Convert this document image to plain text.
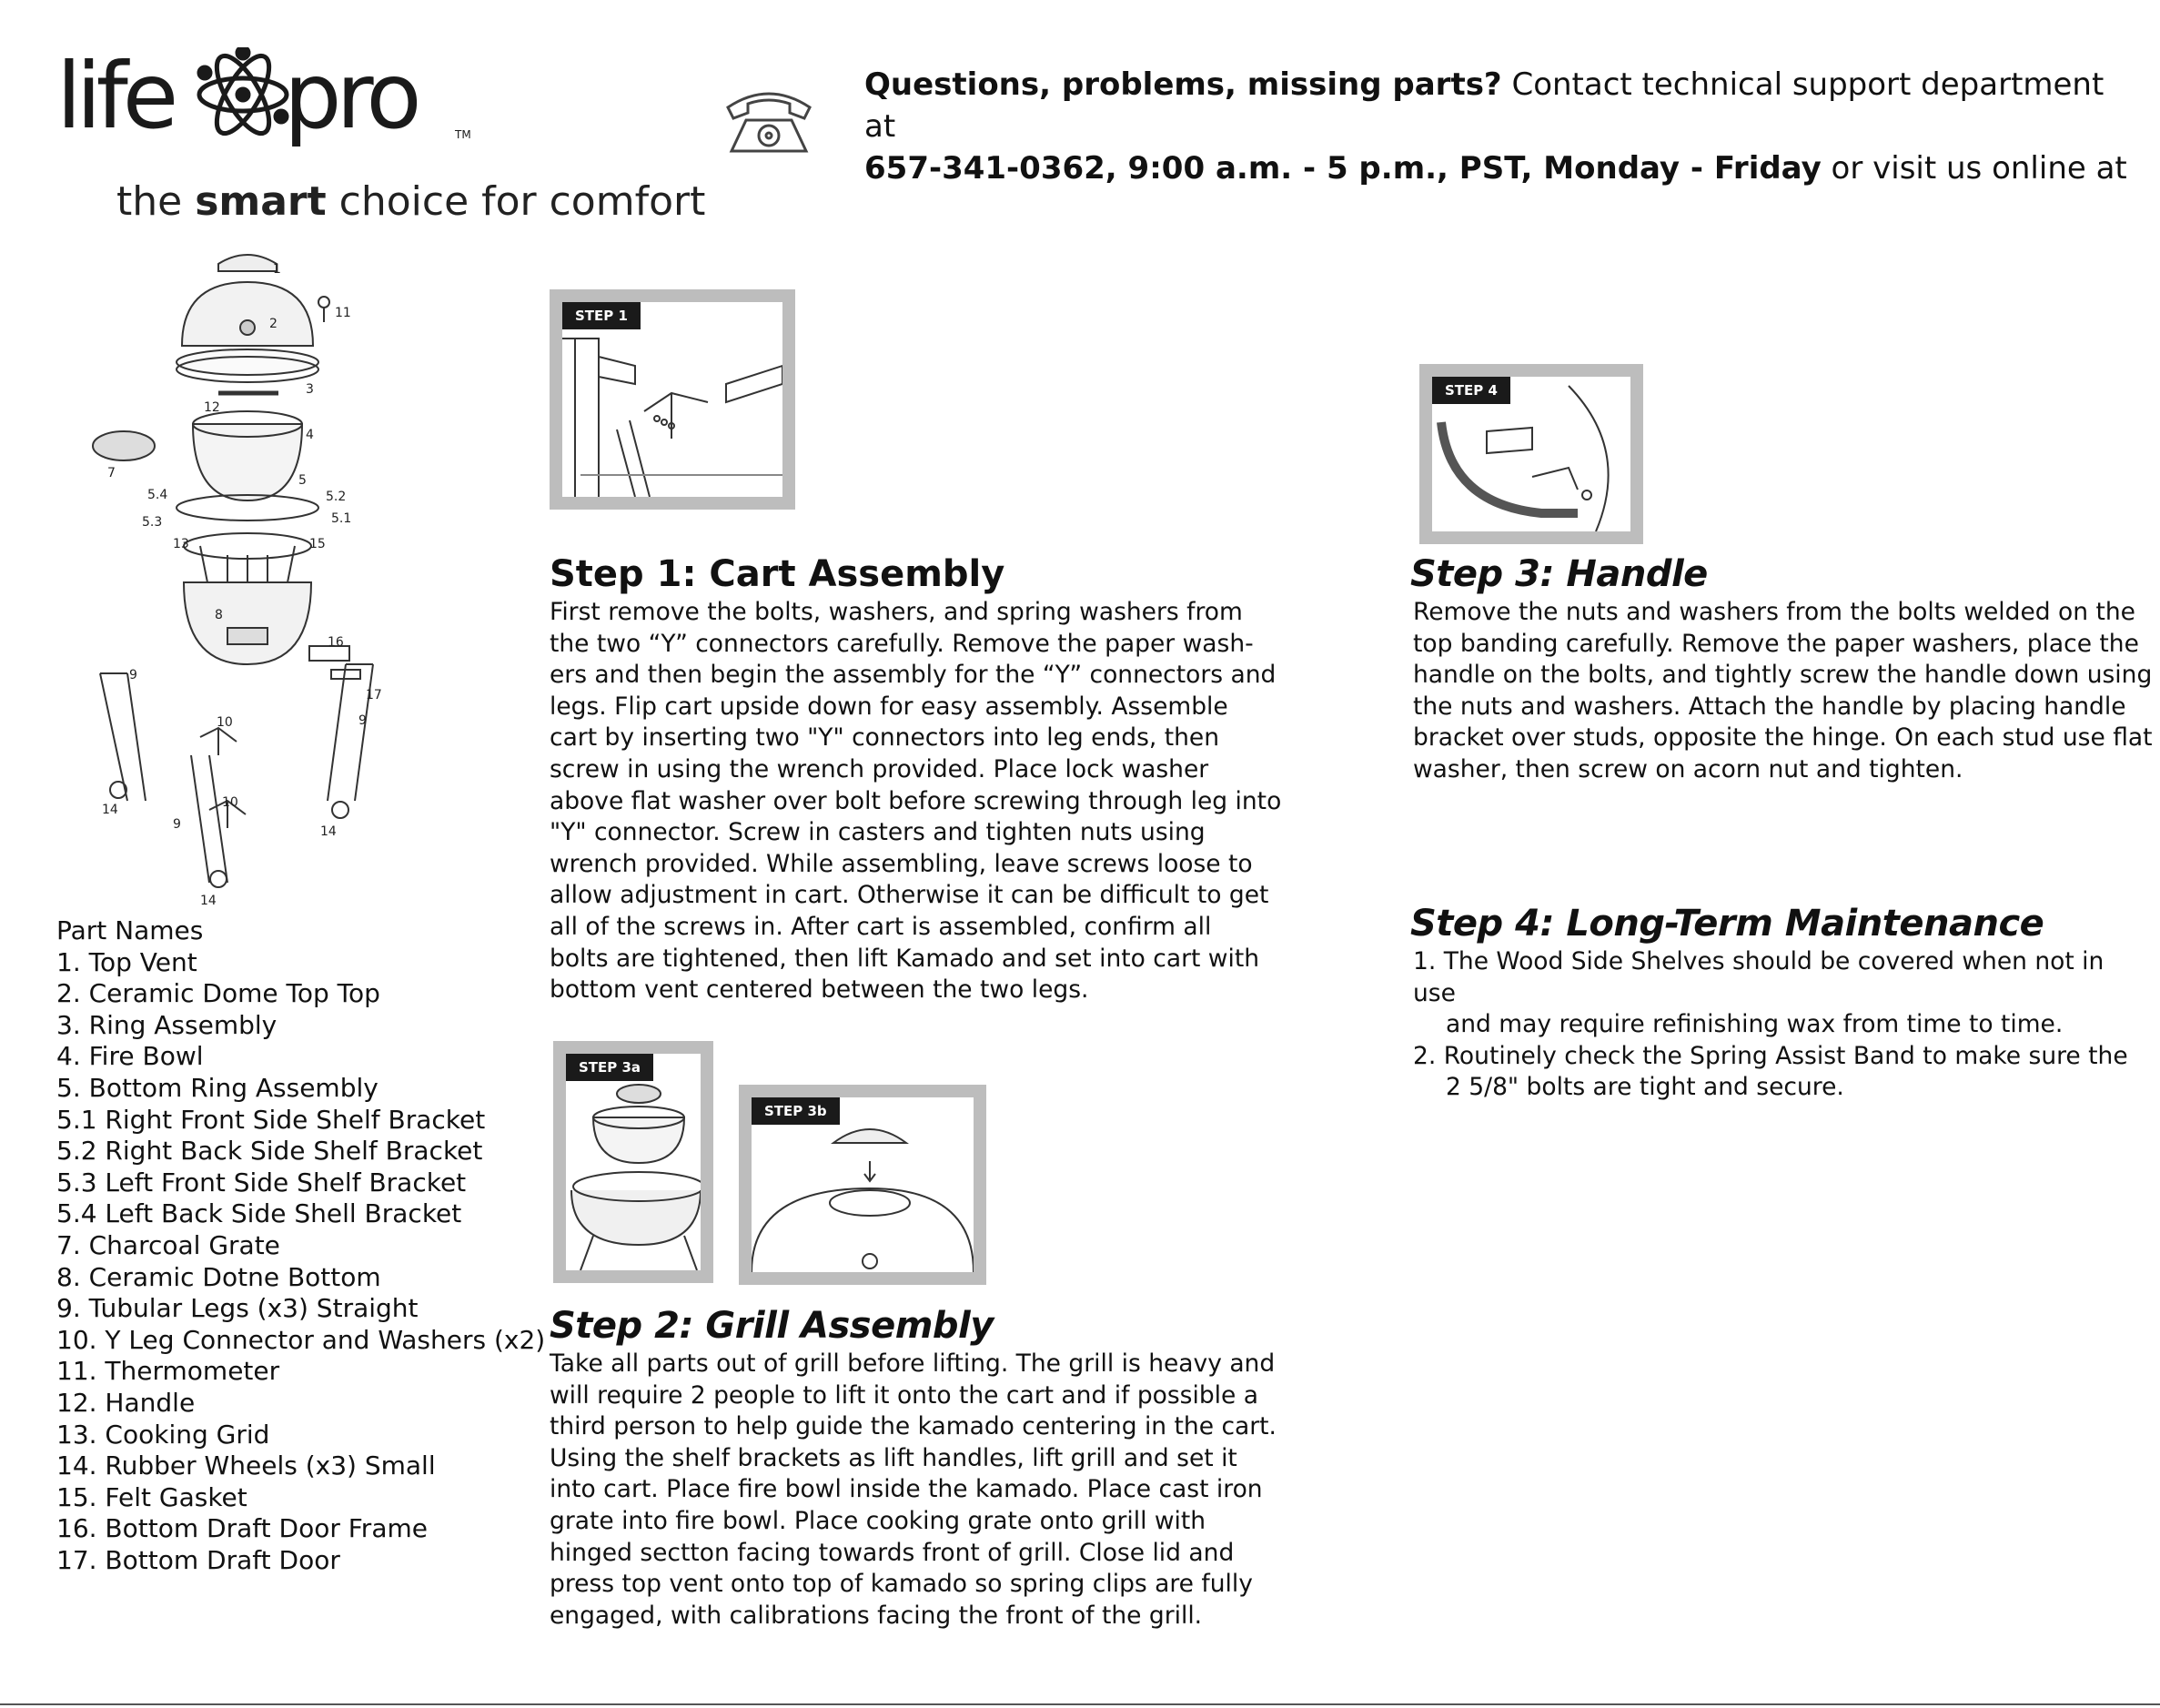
life pro	TM
the smart choice for comfort
Questions, problems, missing parts? Contact technical support department at
657-341-0362, 9:00 a.m. - 5 p.m., PST, Monday - Friday or visit us online at
1
2
3
4
5
5.1
5.2
5.3
5.4
7
8
9
9
9
10
10
11
12
13
14
14
14
15
16
17
Part Names
1. Top Vent
2. Ceramic Dome Top Top
3. Ring Assembly
4. Fire Bowl
5. Bottom Ring Assembly
5.1 Right Front Side Shelf Bracket
5.2 Right Back Side Shelf Bracket
5.3 Left Front Side Shelf Bracket
5.4 Left Back Side Shell Bracket
7. Charcoal Grate
8. Ceramic Dotne Bottom
9. Tubular Legs (x3) Straight
10. Y Leg Connector and Washers (x2)
11. Thermometer
12. Handle
13. Cooking Grid
14. Rubber Wheels (x3) Small
15. Felt Gasket
16. Bottom Draft Door Frame
17. Bottom Draft Door
STEP 1
STEP 3a
STEP 3b
STEP 4
Step 1: Cart Assembly

First remove the bolts, washers, and spring washers from
the two “Y” connectors carefully. Remove the paper wash-
ers and then begin the assembly for the “Y” connectors and
legs. Flip cart upside down for easy assembly. Assemble
cart by inserting two "Y" connectors into leg ends, then
screw in using the wrench provided. Place lock washer
above flat washer over bolt before screwing through leg into
"Y" connector. Screw in casters and tighten nuts using
wrench provided. While assembling, leave screws loose to
allow adjustment in cart. Otherwise it can be difficult to get
all of the screws in. After cart is assembled, confirm all
bolts are tightened, then lift Kamado and set into cart with
bottom vent centered between the two legs.

Step 2: Grill Assembly

Take all parts out of grill before lifting. The grill is heavy and
will require 2 people to lift it onto the cart and if possible a
third person to help guide the kamado centering in the cart.
Using the shelf brackets as lift handles, lift grill and set it
into cart. Place fire bowl inside the kamado. Place cast iron
grate into fire bowl. Place cooking grate onto grill with
hinged sectton facing towards front of grill. Close lid and
press top vent onto top of kamado so spring clips are fully
engaged, with calibrations facing the front of the grill.

Step 3: Handle

Remove the nuts and washers from the bolts welded on the
top banding carefully. Remove the paper washers, place the
handle on the bolts, and tightly screw the handle down using
the nuts and washers. Attach the handle by placing handle
bracket over studs, opposite the hinge. On each stud use flat
washer, then screw on acorn nut and tighten.

Step 4: Long-Term Maintenance
1. The Wood Side Shelves should be covered when not in use
and may require refinishing wax from time to time.
2. Routinely check the Spring Assist Band to make sure the
2 5/8" bolts are tight and secure.
